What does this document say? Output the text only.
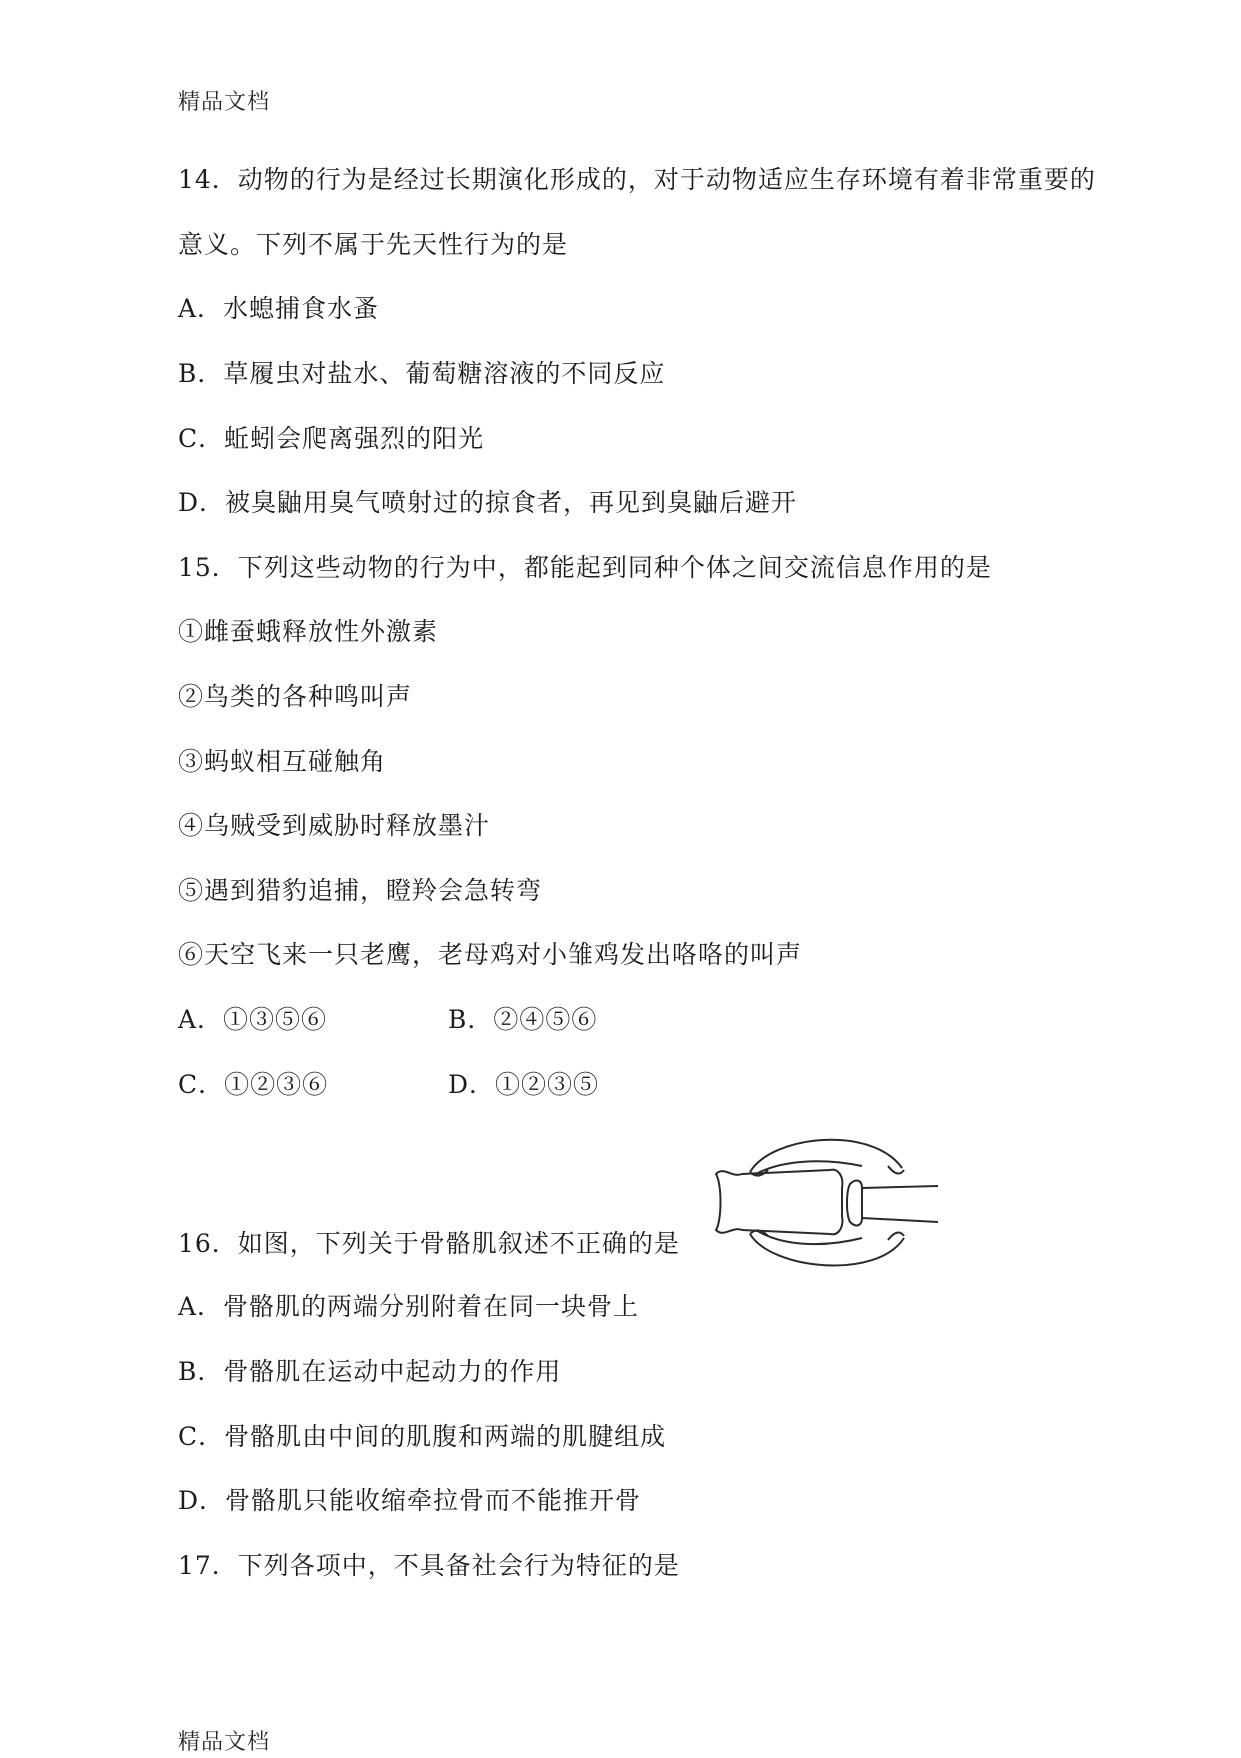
精品文档
14．动物的行为是经过长期演化形成的，对于动物适应生存环境有着非常重要的
意义。下列不属于先天性行为的是
A．水螅捕食水蚤
B．草履虫对盐水、葡萄糖溶液的不同反应
C．蚯蚓会爬离强烈的阳光
D．被臭鼬用臭气喷射过的掠食者，再见到臭鼬后避开
15．下列这些动物的行为中，都能起到同种个体之间交流信息作用的是
①雌蚕蛾释放性外激素
②鸟类的各种鸣叫声
③蚂蚁相互碰触角
④乌贼受到威胁时释放墨汁
⑤遇到猎豹追捕，瞪羚会急转弯
⑥天空飞来一只老鹰，老母鸡对小雏鸡发出咯咯的叫声
A．①③⑤⑥	B．②④⑤⑥
C．①②③⑥	D．①②③⑤
16．如图，下列关于骨骼肌叙述不正确的是
A．骨骼肌的两端分别附着在同一块骨上
B．骨骼肌在运动中起动力的作用
C．骨骼肌由中间的肌腹和两端的肌腱组成
D．骨骼肌只能收缩牵拉骨而不能推开骨
17．下列各项中，不具备社会行为特征的是
精品文档
